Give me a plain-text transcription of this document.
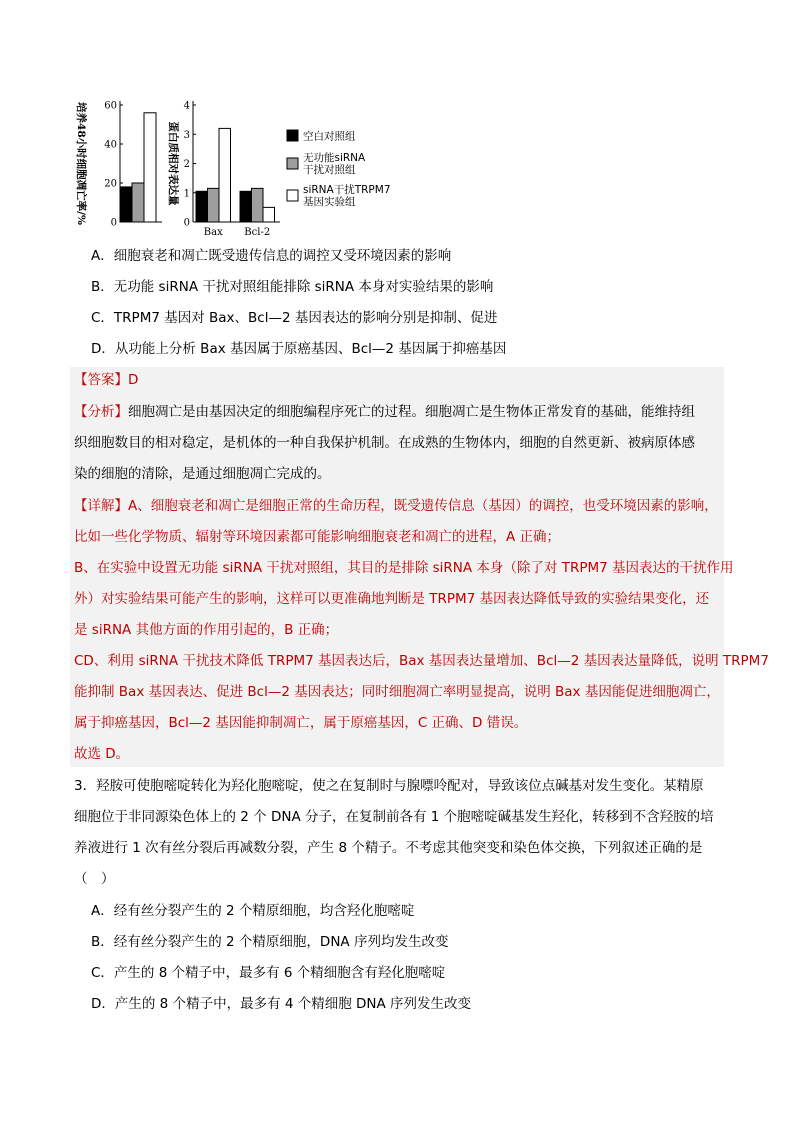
0
20
40
60
培养48小时细胞凋亡率/%	0
1
2
3
4
蛋白质相对表达量
Bax Bcl-2
空白对照组
无功能siRNA
干扰对照组
siRNA干扰TRPM7
基因实验组
A．细胞衰老和凋亡既受遗传信息的调控又受环境因素的影响
B．无功能 siRNA 干扰对照组能排除 siRNA 本身对实验结果的影响
C．TRPM7 基因对 Bax、Bcl—2 基因表达的影响分别是抑制、促进
D．从功能上分析 Bax 基因属于原癌基因、Bcl—2 基因属于抑癌基因
【答案】D
【分析】细胞凋亡是由基因决定的细胞编程序死亡的过程。细胞凋亡是生物体正常发育的基础，能维持组
织细胞数目的相对稳定，是机体的一种自我保护机制。在成熟的生物体内，细胞的自然更新、被病原体感
染的细胞的清除，是通过细胞凋亡完成的。
【详解】A、细胞衰老和凋亡是细胞正常的生命历程，既受遗传信息（基因）的调控，也受环境因素的影响，
比如一些化学物质、辐射等环境因素都可能影响细胞衰老和凋亡的进程，A 正确；
B、在实验中设置无功能 siRNA 干扰对照组，其目的是排除 siRNA 本身（除了对 TRPM7 基因表达的干扰作用
外）对实验结果可能产生的影响，这样可以更准确地判断是 TRPM7 基因表达降低导致的实验结果变化，还
是 siRNA 其他方面的作用引起的，B 正确；
CD、利用 siRNA 干扰技术降低 TRPM7 基因表达后，Bax 基因表达量增加、Bcl—2 基因表达量降低，说明 TRPM7
能抑制 Bax 基因表达、促进 Bcl—2 基因表达；同时细胞凋亡率明显提高，说明 Bax 基因能促进细胞凋亡，
属于抑癌基因，Bcl—2 基因能抑制凋亡，属于原癌基因，C 正确、D 错误。
故选 D。
3．羟胺可使胞嘧啶转化为羟化胞嘧啶，使之在复制时与腺嘌呤配对，导致该位点碱基对发生变化。某精原
细胞位于非同源染色体上的 2 个 DNA 分子，在复制前各有 1 个胞嘧啶碱基发生羟化，转移到不含羟胺的培
养液进行 1 次有丝分裂后再减数分裂，产生 8 个精子。不考虑其他突变和染色体交换，下列叙述正确的是
（　）
A．经有丝分裂产生的 2 个精原细胞，均含羟化胞嘧啶
B．经有丝分裂产生的 2 个精原细胞，DNA 序列均发生改变
C．产生的 8 个精子中，最多有 6 个精细胞含有羟化胞嘧啶
D．产生的 8 个精子中，最多有 4 个精细胞 DNA 序列发生改变
